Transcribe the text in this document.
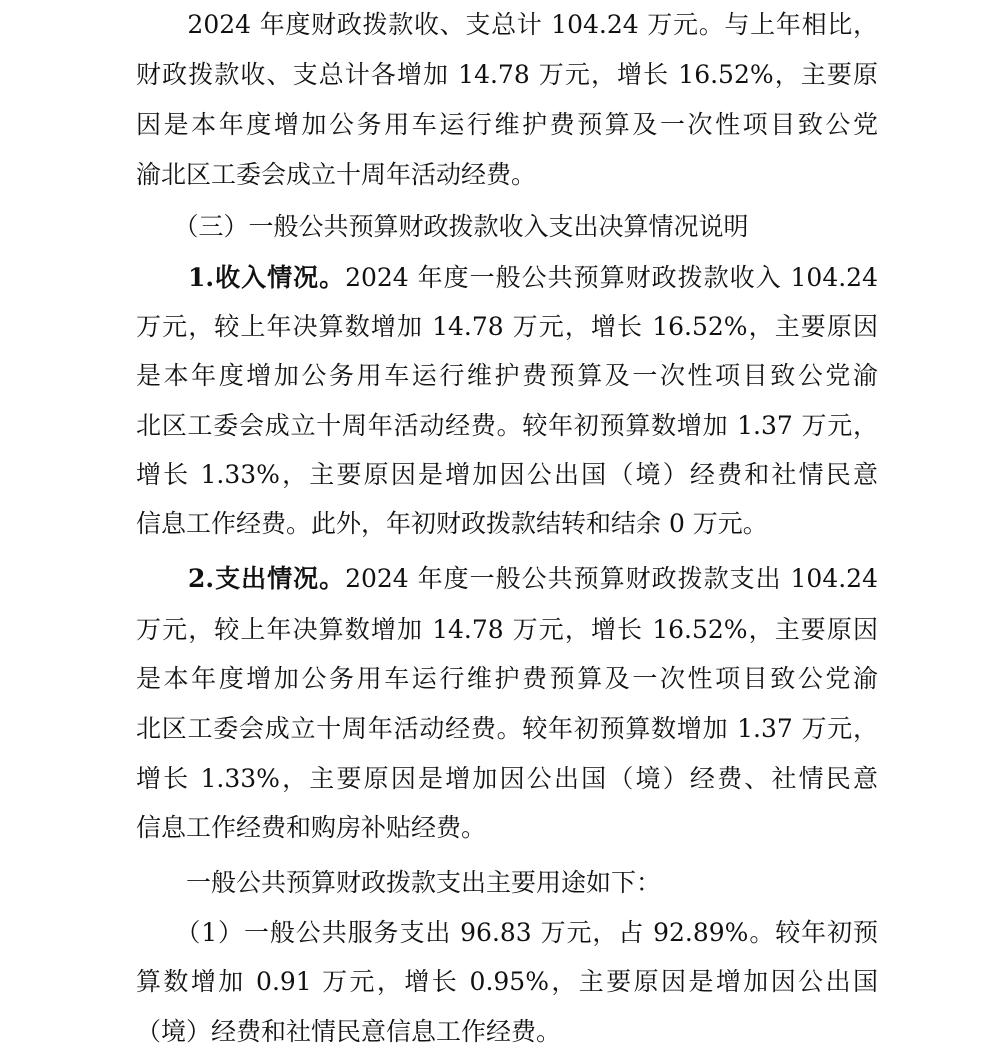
　　2024 年度财政拨款收、支总计 104.24 万元。与上年相比，
财政拨款收、支总计各增加 14.78 万元，增长 16.52%，主要原
因是本年度增加公务用车运行维护费预算及一次性项目致公党
渝北区工委会成立十周年活动经费。
　　（三）一般公共预算财政拨款收入支出决算情况说明
1.收入情况。2024 年度一般公共预算财政拨款收入 104.24
万元，较上年决算数增加 14.78 万元，增长 16.52%，主要原因
是本年度增加公务用车运行维护费预算及一次性项目致公党渝
北区工委会成立十周年活动经费。较年初预算数增加 1.37 万元，
增长 1.33%，主要原因是增加因公出国（境）经费和社情民意
信息工作经费。此外，年初财政拨款结转和结余 0 万元。
2.支出情况。2024 年度一般公共预算财政拨款支出 104.24
万元，较上年决算数增加 14.78 万元，增长 16.52%，主要原因
是本年度增加公务用车运行维护费预算及一次性项目致公党渝
北区工委会成立十周年活动经费。较年初预算数增加 1.37 万元，
增长 1.33%，主要原因是增加因公出国（境）经费、社情民意
信息工作经费和购房补贴经费。
　　一般公共预算财政拨款支出主要用途如下：
　　（1）一般公共服务支出 96.83 万元，占 92.89%。较年初预
算数增加 0.91 万元，增长 0.95%，主要原因是增加因公出国
（境）经费和社情民意信息工作经费。
